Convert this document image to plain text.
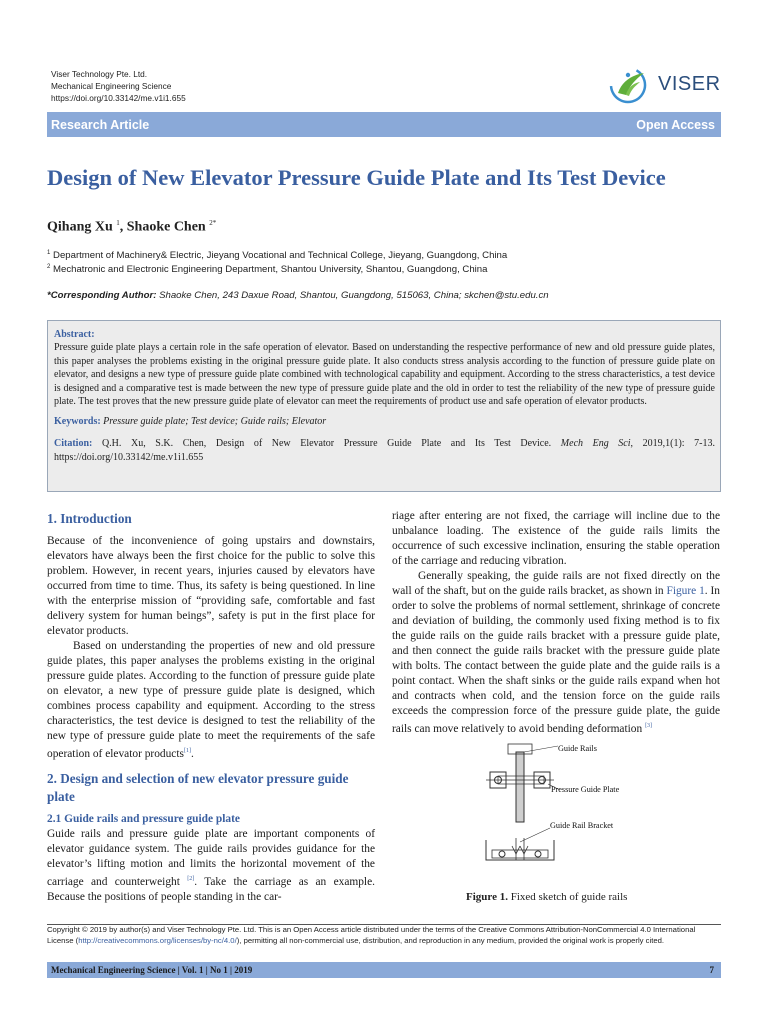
Viser Technology Pte. Ltd.
Mechanical Engineering Science
https://doi.org/10.33142/me.v1i1.655
VISER
Research Article	Open Access
Design of New Elevator Pressure Guide Plate and Its Test Device
Qihang Xu $^1$, Shaoke Chen $^{2*}$
$^1$ Department of Machinery& Electric, Jieyang Vocational and Technical College, Jieyang, Guangdong, China
$^2$ Mechatronic and Electronic Engineering Department, Shantou University, Shantou, Guangdong, China
*Corresponding Author: Shaoke Chen, 243 Daxue Road, Shantou, Guangdong, 515063, China; skchen@stu.edu.cn
Abstract:
Pressure guide plate plays a certain role in the safe operation of elevator. Based on understanding the respective performance of new and old pressure guide plates, this paper analyses the problems existing in the original pressure guide plate. It also conducts stress analysis according to the function of pressure guide plate on elevator, and designs a new type of pressure guide plate combined with technological capability and equipment. According to the stress characteristics, a test device is designed and a comparative test is made between the new type of pressure guide plate and the old in order to test the reliability of the new type of pressure guide plate. The test proves that the new pressure guide plate of elevator can meet the requirements of product use and safe operation of elevator products.
Keywords: Pressure guide plate; Test device; Guide rails; Elevator
Citation: Q.H. Xu, S.K. Chen, Design of New Elevator Pressure Guide Plate and Its Test Device. Mech Eng Sci, 2019,1(1): 7-13. https://doi.org/10.33142/me.v1i1.655
1. Introduction

Because of the inconvenience of going upstairs and downstairs, elevators have always been the first choice for the public to solve this problem. However, in recent years, injuries caused by elevators have occurred from time to time. Thus, its safety is being questioned. In line with the enterprise mission of “providing safe, comfortable and fast delivery system for human beings”, safety is put in the first place for elevator products.

Based on understanding the properties of new and old pressure guide plates, this paper analyses the problems existing in the original pressure guide plates. According to the function of pressure guide plate on elevator, a new type of pressure guide plate is designed, which combines process capability and equipment. According to the stress characteristics, the test device is designed to test the reliability of the new type of pressure guide plate to meet the requirements of the safe operation of elevator products[1].

2. Design and selection of new elevator pressure guide plate
2.1 Guide rails and pressure guide plate

Guide rails and pressure guide plate are important components of elevator guidance system. The guide rails provides guidance for the elevator’s lifting motion and limits the horizontal movement of the carriage and counterweight [2]. Take the carriage as an example. Because the positions of people standing in the car-

riage after entering are not fixed, the carriage will incline due to the unbalance loading. The existence of the guide rails limits the occurrence of such excessive inclination, ensuring the stable operation of the carriage and reducing vibration.

Generally speaking, the guide rails are not fixed directly on the wall of the shaft, but on the guide rails bracket, as shown in Figure 1. In order to solve the problems of normal settlement, shrinkage of concrete and deviation of building, the commonly used fixing method is to fix the guide rails on the guide rails bracket with a pressure guide plate, and then connect the guide rails bracket with the pressure guide plate with bolts. The contact between the guide plate and the guide rails is a point contact. When the shaft sinks or the guide rails expand when hot and contracts when cold, and the tension force on the guide rails exceeds the compression force of the pressure guide plate, the guide rails can move relatively to avoid bending deformation [3]

Guide Rails
Pressure Guide Plate
Guide Rail Bracket
Figure 1. Fixed sketch of guide rails
Copyright © 2019 by author(s) and Viser Technology Pte. Ltd. This is an Open Access article distributed under the terms of the Creative Commons Attribution-NonCommercial 4.0 International License (http://creativecommons.org/licenses/by-nc/4.0/), permitting all non-commercial use, distribution, and reproduction in any medium, provided the original work is properly cited.
Mechanical Engineering Science | Vol. 1 | No 1 | 2019	7
